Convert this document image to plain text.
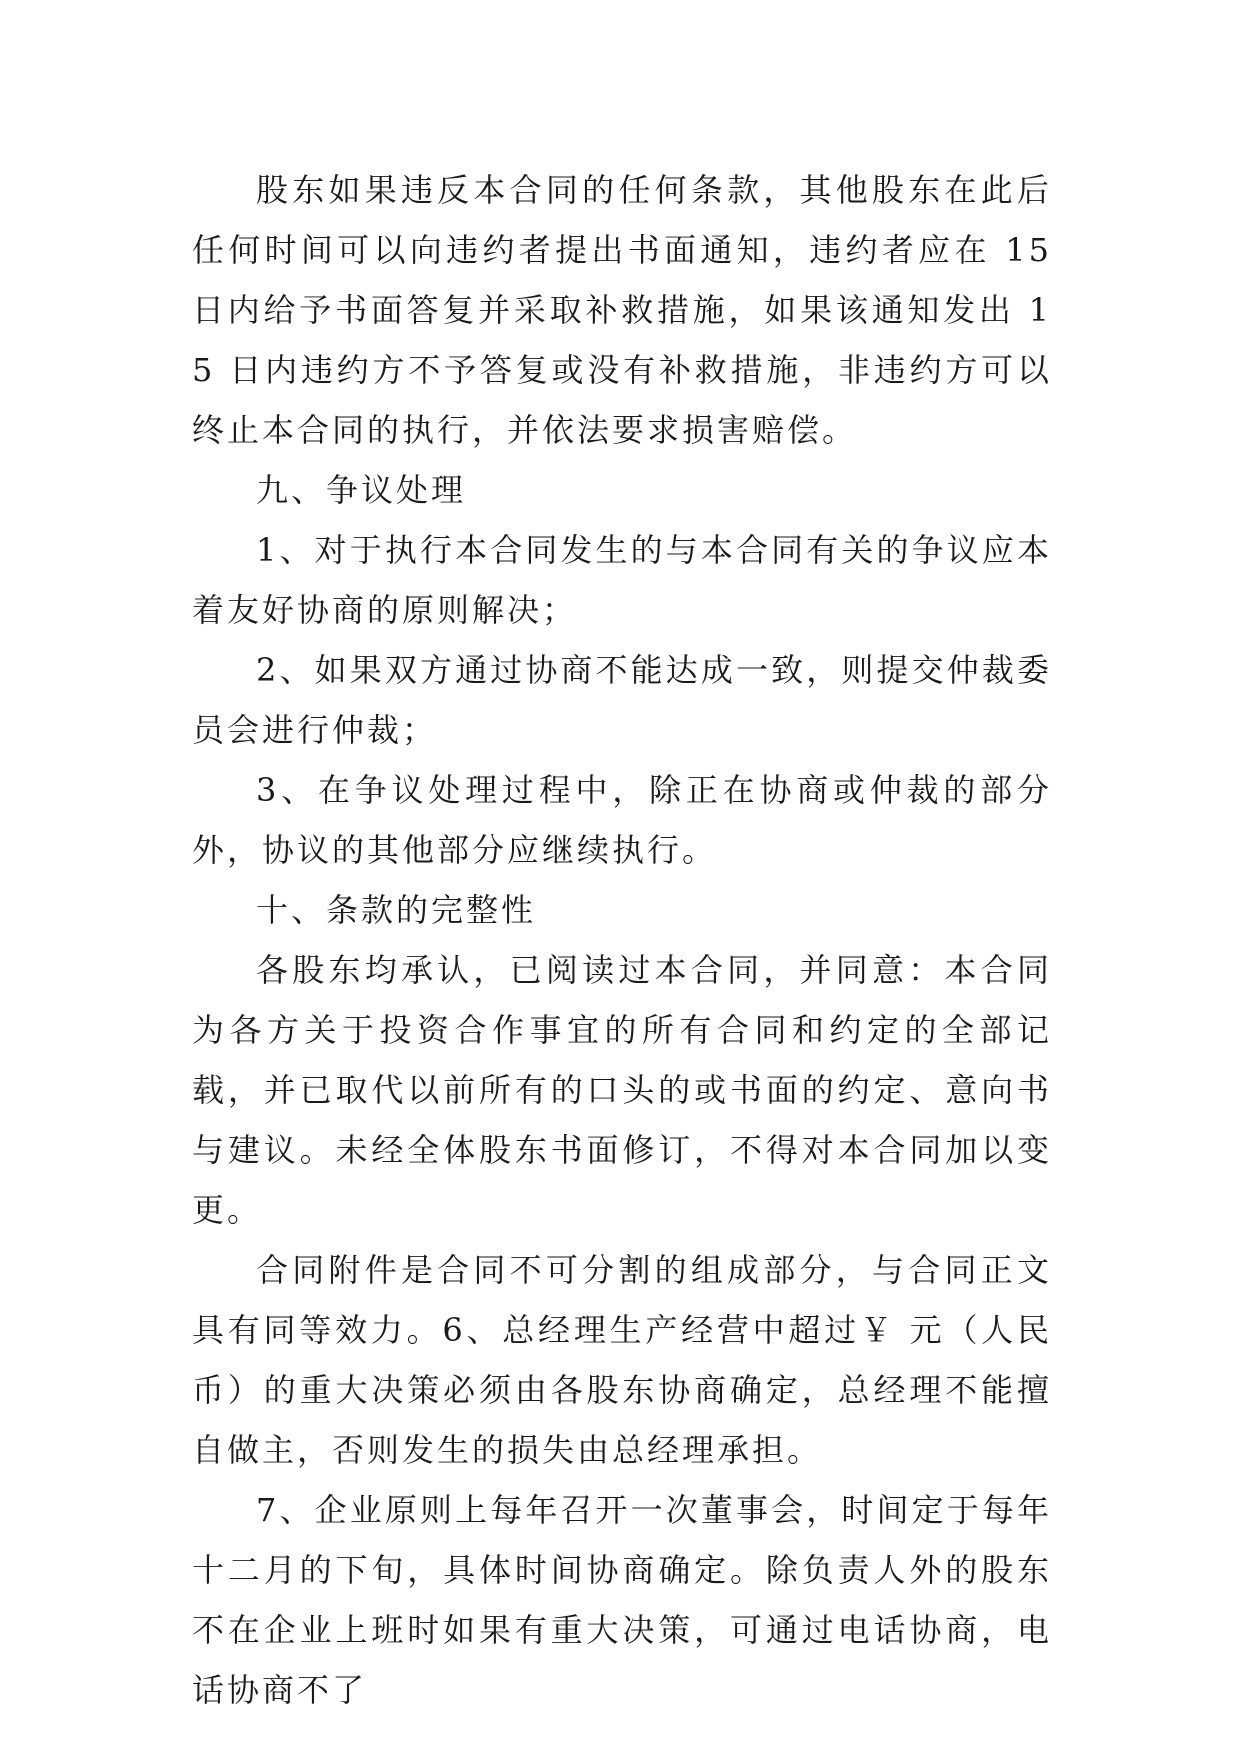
股东如果违反本合同的任何条款，其他股东在此后任何时间可以向违约者提出书面通知，违约者应在 15 日内给予书面答复并采取补救措施，如果该通知发出 15 日内违约方不予答复或没有补救措施，非违约方可以终止本合同的执行，并依法要求损害赔偿。

九、争议处理

1、对于执行本合同发生的与本合同有关的争议应本着友好协商的原则解决；

2、如果双方通过协商不能达成一致，则提交仲裁委员会进行仲裁；

3、在争议处理过程中，除正在协商或仲裁的部分外，协议的其他部分应继续执行。

十、条款的完整性

各股东均承认，已阅读过本合同，并同意：本合同为各方关于投资合作事宜的所有合同和约定的全部记载，并已取代以前所有的口头的或书面的约定、意向书与建议。未经全体股东书面修订，不得对本合同加以变更。

合同附件是合同不可分割的组成部分，与合同正文具有同等效力。6、总经理生产经营中超过￥ 元（人民币）的重大决策必须由各股东协商确定，总经理不能擅自做主，否则发生的损失由总经理承担。

7、企业原则上每年召开一次董事会，时间定于每年十二月的下旬，具体时间协商确定。除负责人外的股东不在企业上班时如果有重大决策，可通过电话协商，电话协商不了
